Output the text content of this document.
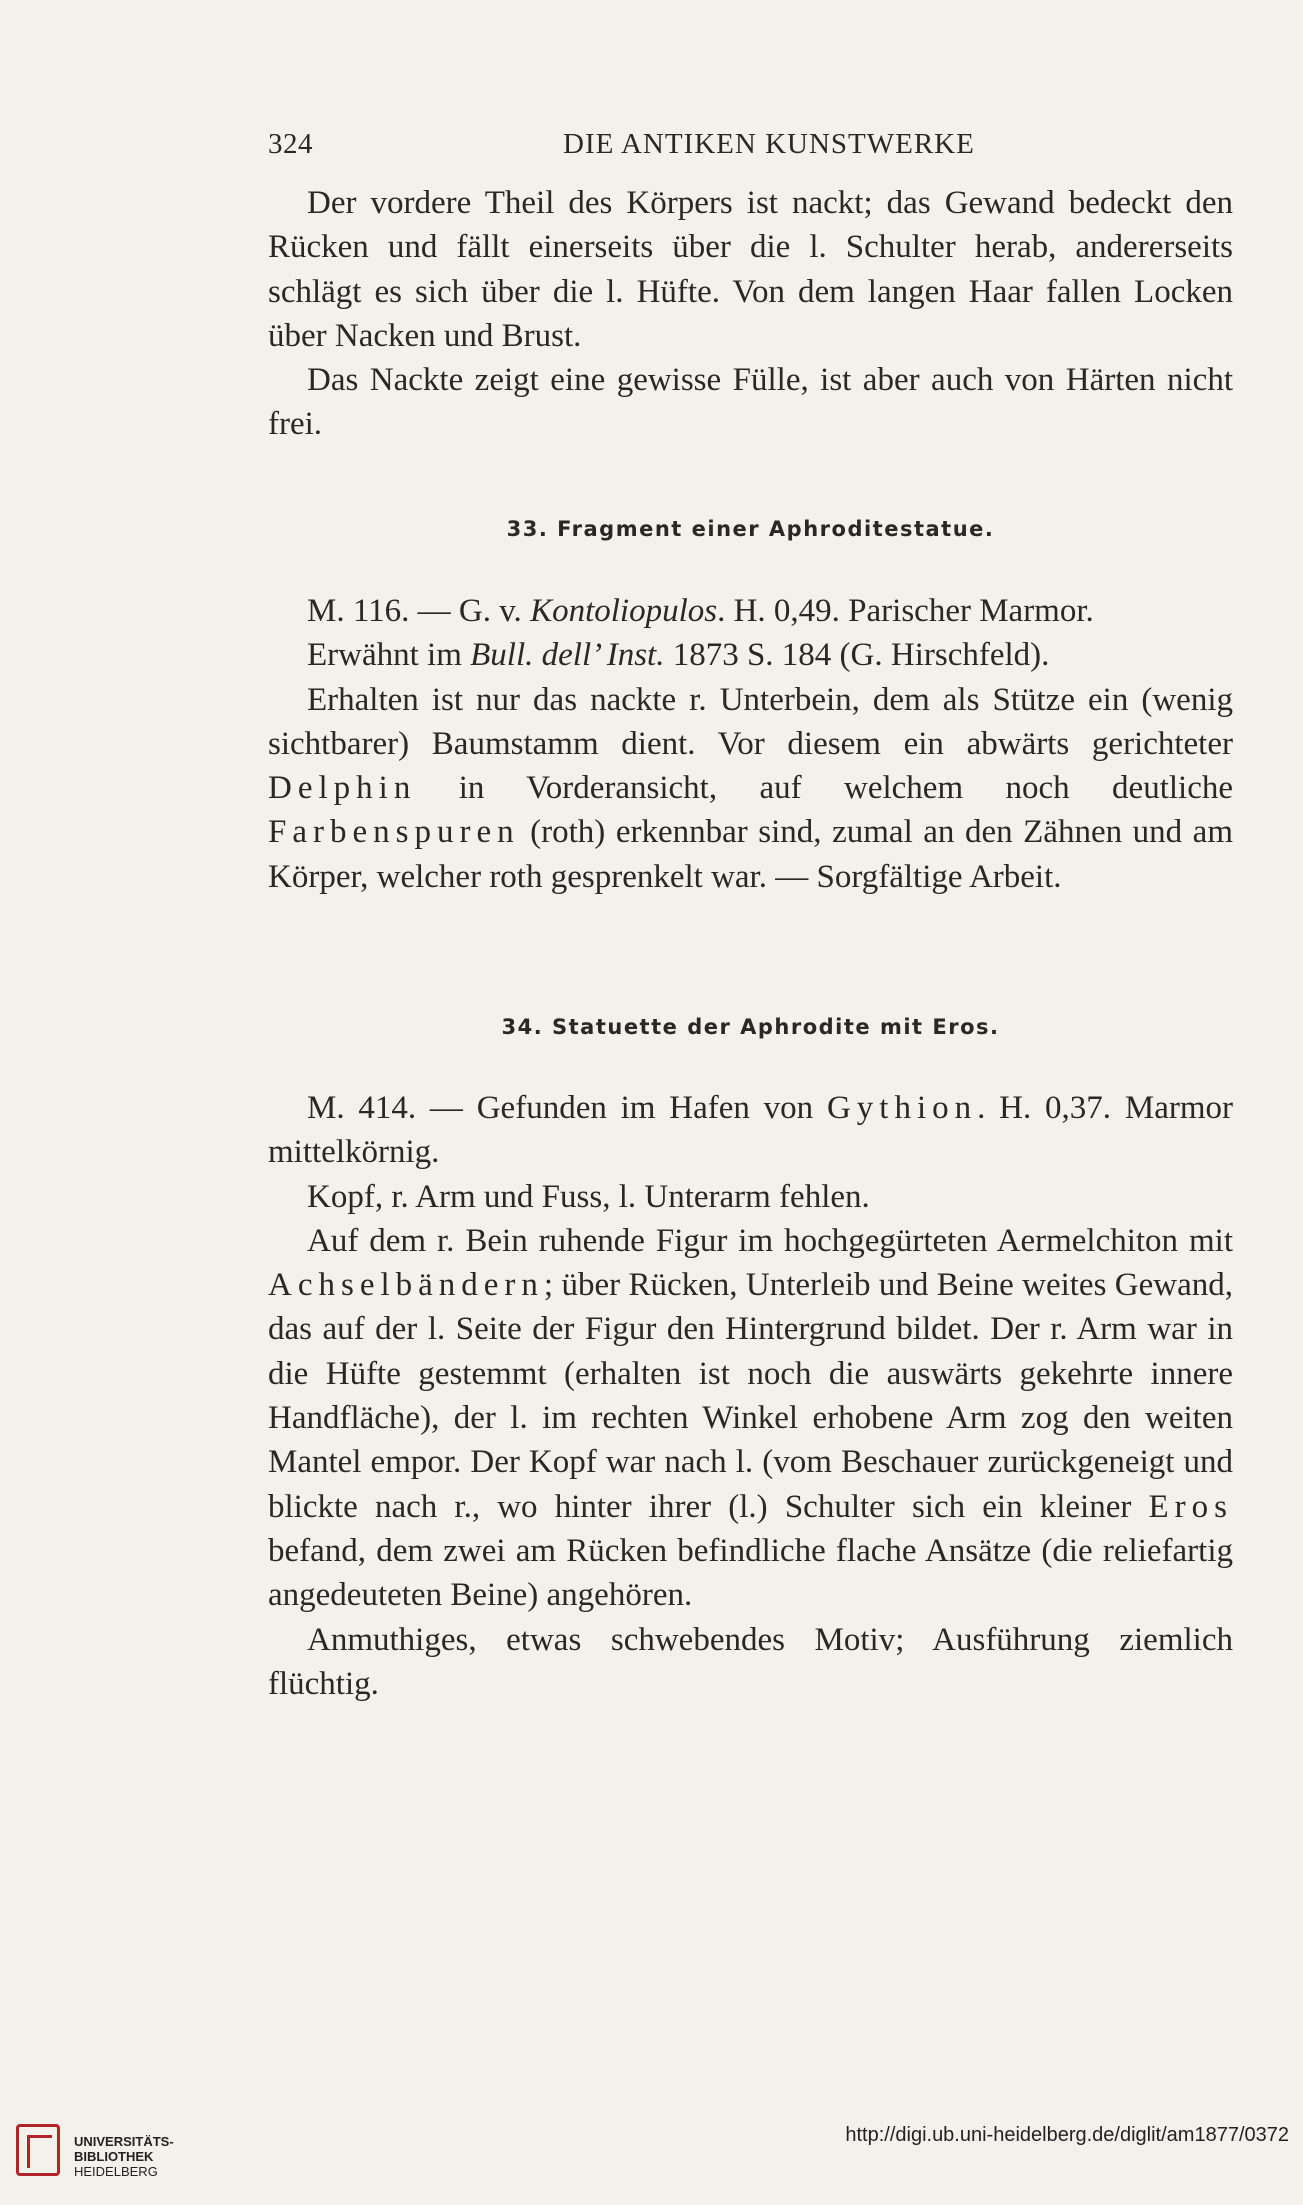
324	DIE ANTIKEN KUNSTWERKE

Der vordere Theil des Körpers ist nackt; das Gewand bedeckt den Rücken und fällt einerseits über die l. Schulter herab, andererseits schlägt es sich über die l. Hüfte. Von dem langen Haar fallen Locken über Nacken und Brust.

Das Nackte zeigt eine gewisse Fülle, ist aber auch von Härten nicht frei.

33. Fragment einer Aphroditestatue.

M. 116. — G. v. Kontoliopulos. H. 0,49. Parischer Marmor.

Erwähnt im Bull. dell’ Inst. 1873 S. 184 (G. Hirschfeld).

Erhalten ist nur das nackte r. Unterbein, dem als Stütze ein (wenig sichtbarer) Baumstamm dient. Vor diesem ein abwärts gerichteter Delphin in Vorderansicht, auf welchem noch deutliche Farbenspuren (roth) erkennbar sind, zumal an den Zähnen und am Körper, welcher roth gesprenkelt war. — Sorgfältige Arbeit.

34. Statuette der Aphrodite mit Eros.

M. 414. — Gefunden im Hafen von Gythion. H. 0,37. Marmor mittelkörnig.

Kopf, r. Arm und Fuss, l. Unterarm fehlen.

Auf dem r. Bein ruhende Figur im hochgegürteten Aermelchiton mit Achselbändern; über Rücken, Unterleib und Beine weites Gewand, das auf der l. Seite der Figur den Hintergrund bildet. Der r. Arm war in die Hüfte gestemmt (erhalten ist noch die auswärts gekehrte innere Handfläche), der l. im rechten Winkel erhobene Arm zog den weiten Mantel empor. Der Kopf war nach l. (vom Beschauer zurückgeneigt und blickte nach r., wo hinter ihrer (l.) Schulter sich ein kleiner Eros befand, dem zwei am Rücken befindliche flache Ansätze (die reliefartig angedeuteten Beine) angehören.

Anmuthiges, etwas schwebendes Motiv; Ausführung ziemlich flüchtig.

UNIVERSITÄTS-
BIBLIOTHEK
HEIDELBERG
http://digi.ub.uni-heidelberg.de/diglit/am1877/0372
